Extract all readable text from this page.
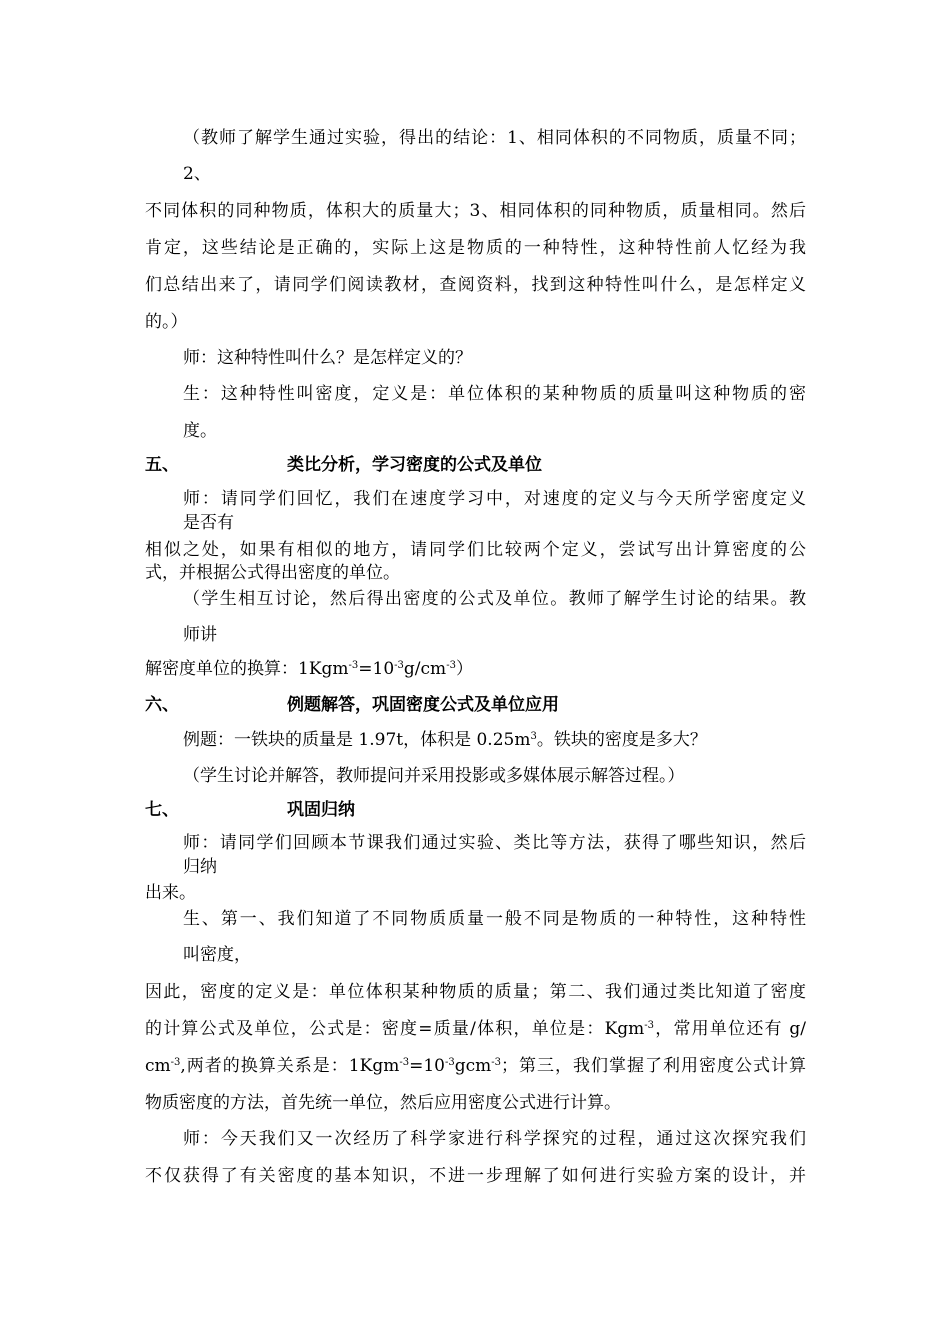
（教师了解学生通过实验，得出的结论：1、相同体积的不同物质，质量不同；
2、
不同体积的同种物质，体积大的质量大；3、相同体积的同种物质，质量相同。然后
肯定，这些结论是正确的，实际上这是物质的一种特性，这种特性前人忆经为我
们总结出来了，请同学们阅读教材，查阅资料，找到这种特性叫什么，是怎样定义
的。）
师：这种特性叫什么？是怎样定义的？
生：这种特性叫密度，定义是：单位体积的某种物质的质量叫这种物质的密
度。
五、	类比分析，学习密度的公式及单位
师：请同学们回忆，我们在速度学习中，对速度的定义与今天所学密度定义
是否有
相似之处，如果有相似的地方，请同学们比较两个定义，尝试写出计算密度的公
式，并根据公式得出密度的单位。
（学生相互讨论，然后得出密度的公式及单位。教师了解学生讨论的结果。教
师讲
解密度单位的换算：$1Kgm^{-3}=10^{-3}g/cm^{-3}$）
六、	例题解答，巩固密度公式及单位应用
例题：一铁块的质量是 1.97t，体积是 $0.25m^3$。铁块的密度是多大？
（学生讨论并解答，教师提问并采用投影或多媒体展示解答过程。）
七、	巩固归纳
师：请同学们回顾本节课我们通过实验、类比等方法，获得了哪些知识，然后
归纳
出来。
生、第一、我们知道了不同物质质量一般不同是物质的一种特性，这种特性
叫密度，
因此，密度的定义是：单位体积某种物质的质量；第二、我们通过类比知道了密度
的计算公式及单位，公式是：密度=质量/体积，单位是：Kgm$^{-3}$，常用单位还有 g/
$cm^{-3}$,两者的换算关系是：$1Kgm^{-3}=10^{-3}gcm^{-3}$；第三，我们掌握了利用密度公式计算
物质密度的方法，首先统一单位，然后应用密度公式进行计算。
师：今天我们又一次经历了科学家进行科学探究的过程，通过这次探究我们
不仅获得了有关密度的基本知识，不进一步理解了如何进行实验方案的设计，并
